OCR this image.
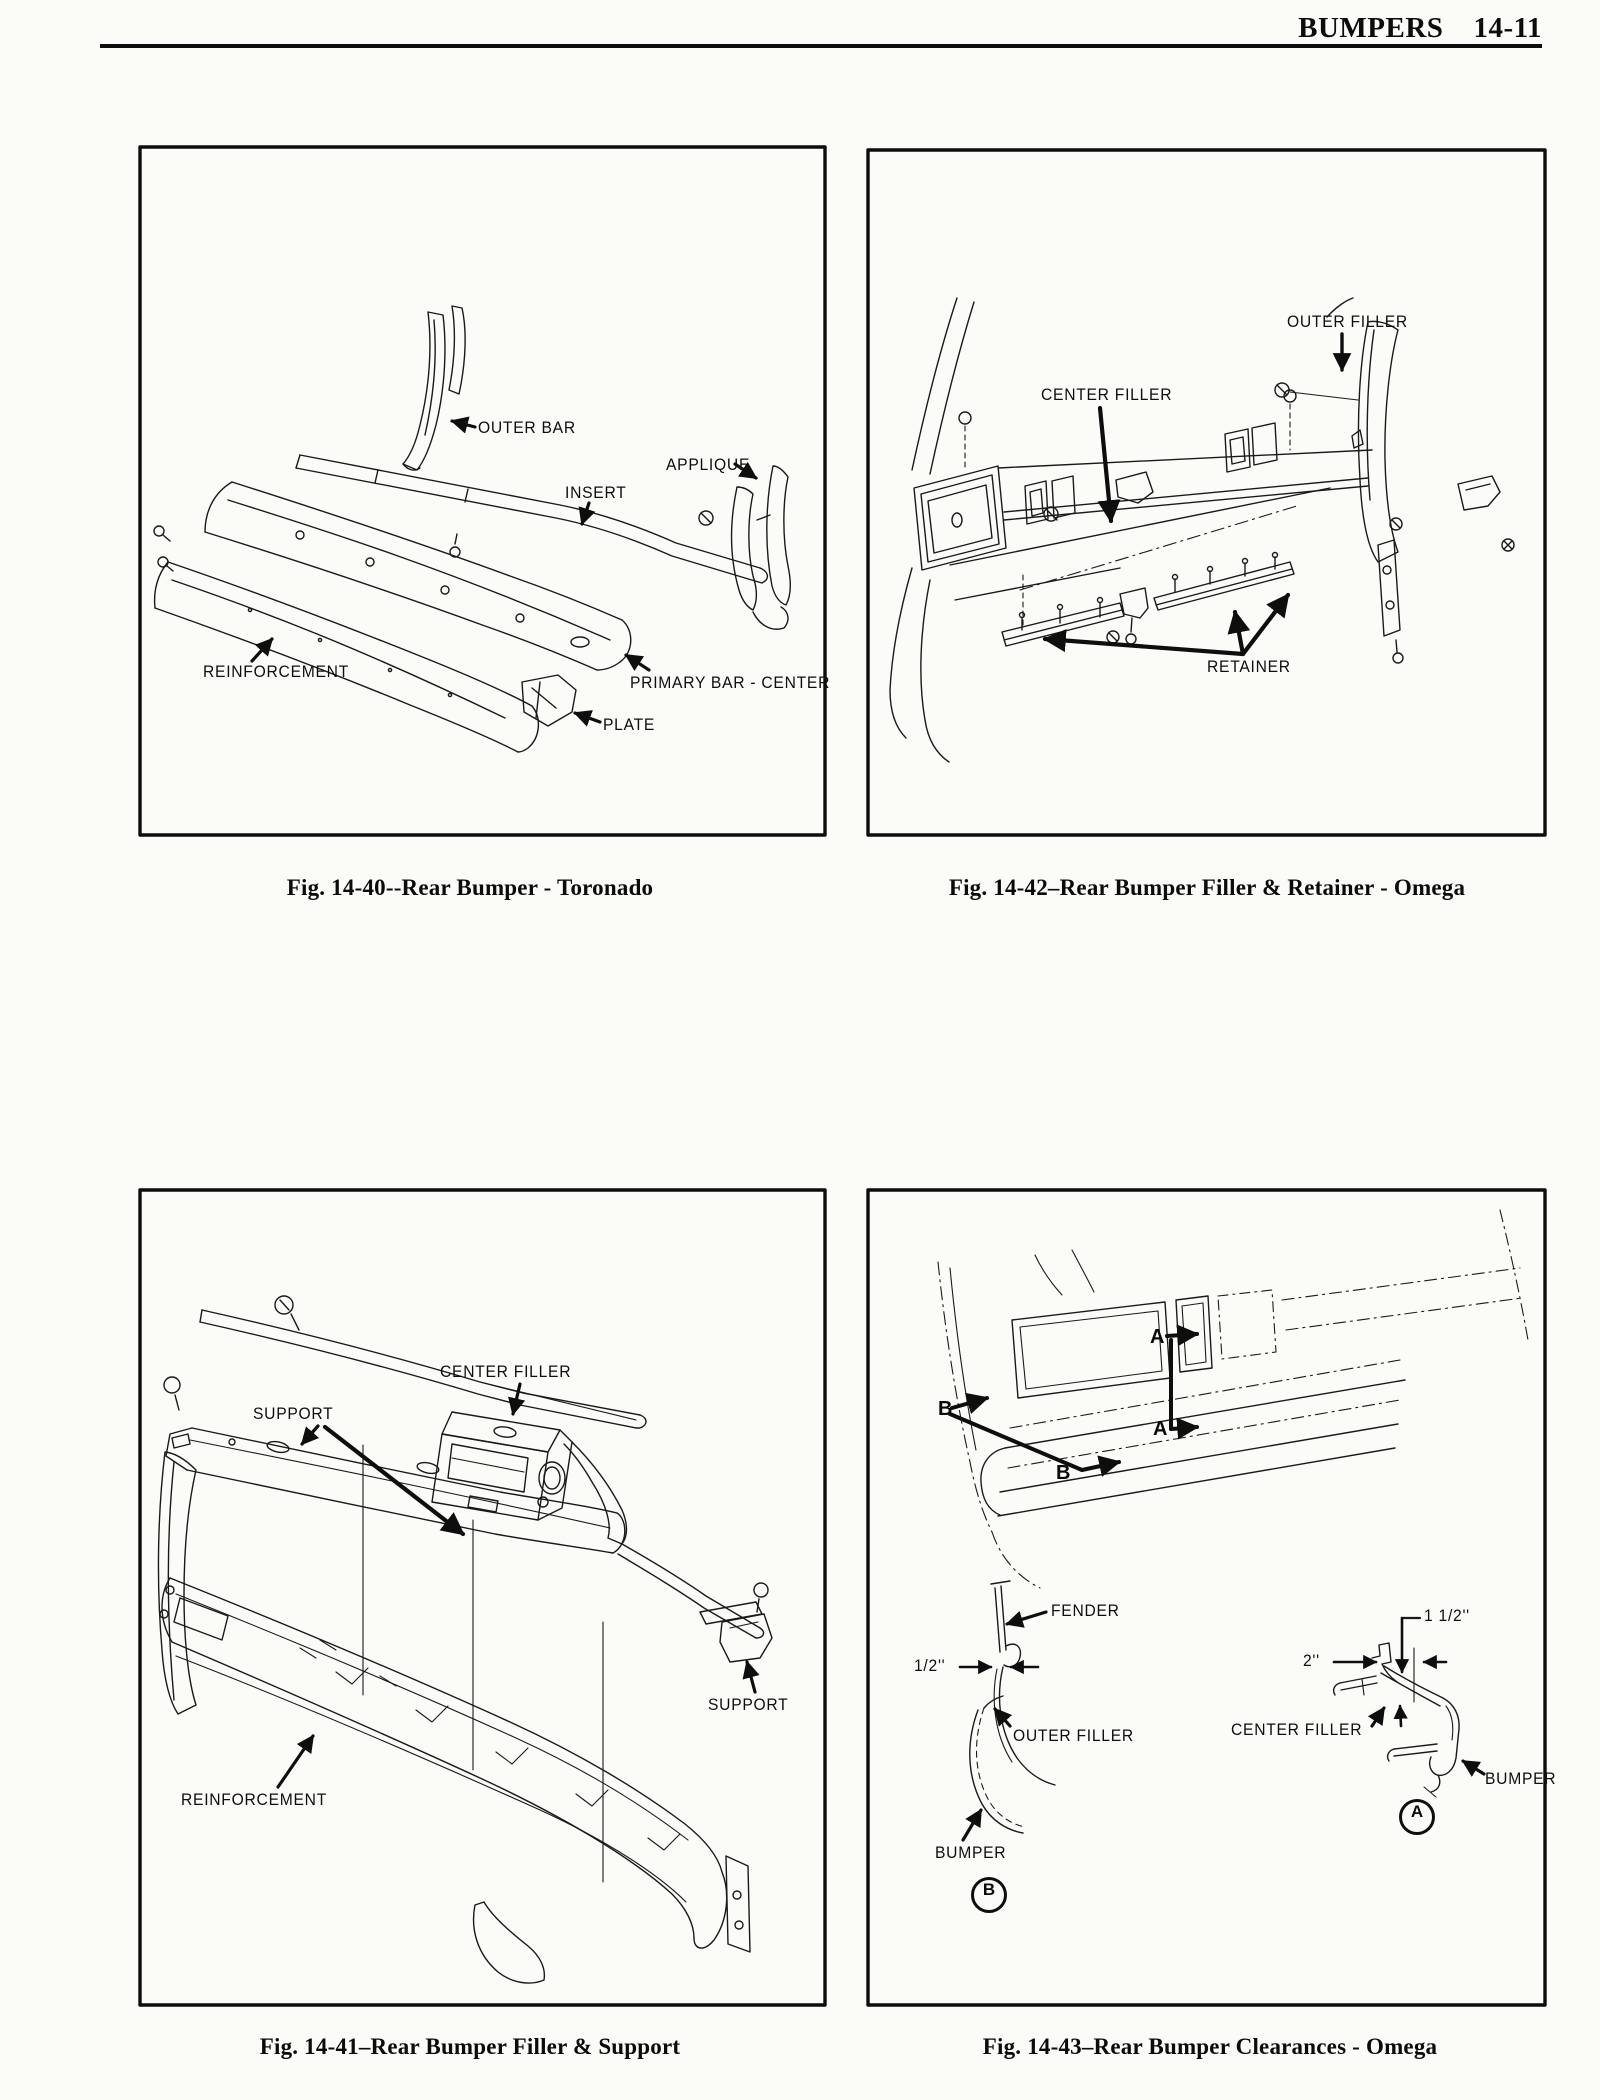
BUMPERS 14-11
OUTER BAR
INSERT
APPLIQUE
REINFORCEMENT
PRIMARY BAR - CENTER
PLATE
OUTER FILLER
CENTER FILLER
RETAINER
CENTER FILLER
SUPPORT
SUPPORT
REINFORCEMENT
A
A
B
B
FENDER
1/2''
OUTER FILLER
BUMPER
B
2''
1 1/2''
CENTER FILLER
BUMPER
A
Fig. 14-40--Rear Bumper - Toronado	Fig. 14-42–Rear Bumper Filler & Retainer - Omega
Fig. 14-41–Rear Bumper Filler & Support	Fig. 14-43–Rear Bumper Clearances - Omega
